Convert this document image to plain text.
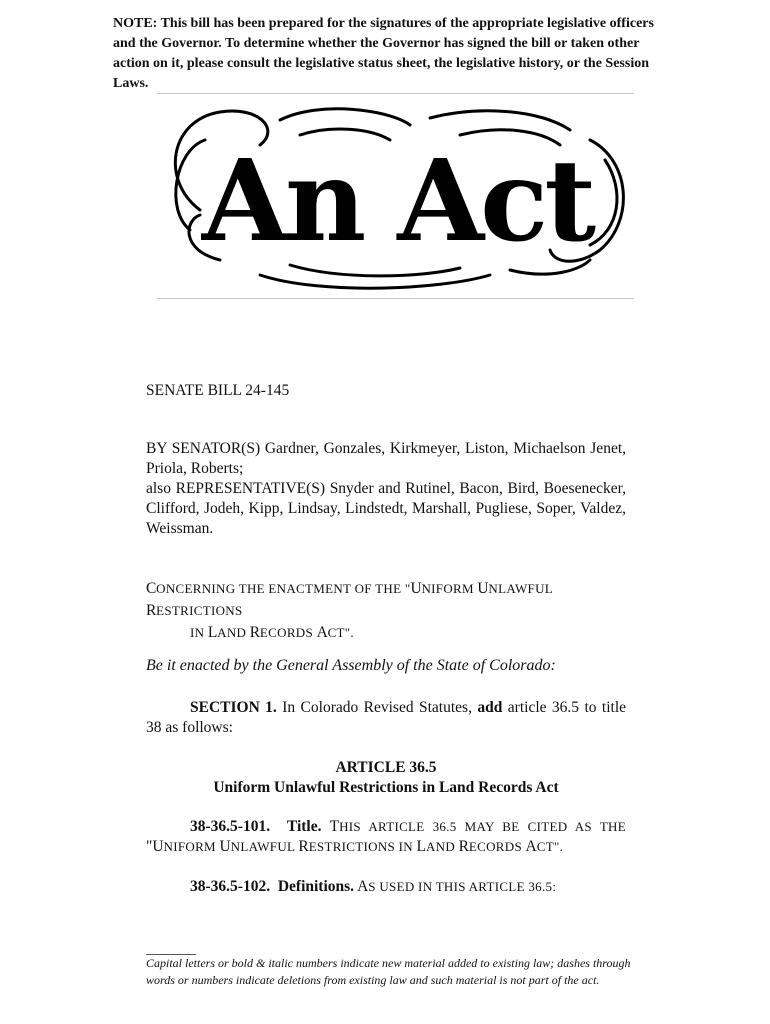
NOTE: This bill has been prepared for the signatures of the appropriate legislative officers and the Governor. To determine whether the Governor has signed the bill or taken other action on it, please consult the legislative status sheet, the legislative history, or the Session Laws.
An Act
SENATE BILL 24-145

BY SENATOR(S) Gardner, Gonzales, Kirkmeyer, Liston, Michaelson Jenet, Priola, Roberts;

also REPRESENTATIVE(S) Snyder and Rutinel, Bacon, Bird, Boesenecker, Clifford, Jodeh, Kipp, Lindsay, Lindstedt, Marshall, Pugliese, Soper, Valdez, Weissman.

CONCERNING THE ENACTMENT OF THE "UNIFORM UNLAWFUL RESTRICTIONS
IN LAND RECORDS ACT".
Be it enacted by the General Assembly of the State of Colorado:
SECTION 1. In Colorado Revised Statutes, add article 36.5 to title 38 as follows:
ARTICLE 36.5
Uniform Unlawful Restrictions in Land Records Act
38-36.5-101. Title. THIS ARTICLE 36.5 MAY BE CITED AS THE "UNIFORM UNLAWFUL RESTRICTIONS IN LAND RECORDS ACT".
38-36.5-102. Definitions. AS USED IN THIS ARTICLE 36.5:
Capital letters or bold & italic numbers indicate new material added to existing law; dashes through words or numbers indicate deletions from existing law and such material is not part of the act.
